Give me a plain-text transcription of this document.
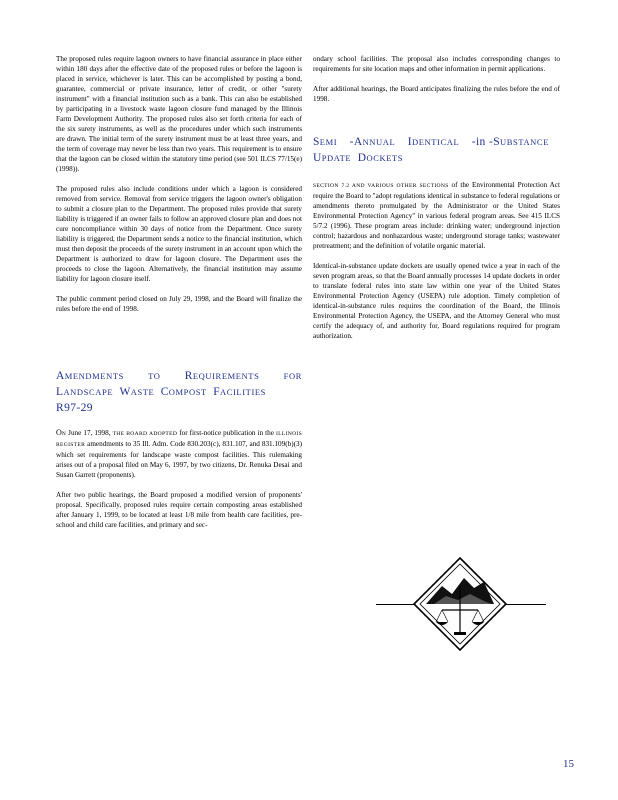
The proposed rules require lagoon owners to have financial assurance in place either within 180 days after the effective date of the proposed rules or before the lagoon is placed in service, whichever is later. This can be accomplished by posting a bond, guarantee, commercial or private insurance, letter of credit, or other "surety instrument" with a financial institution such as a bank. This can also be established by participating in a livestock waste lagoon closure fund managed by the Illinois Farm Development Authority. The proposed rules also set forth criteria for each of the six surety instruments, as well as the procedures under which such instruments are drawn. The initial term of the surety instrument must be at least three years, and the term of coverage may never be less than two years. This requirement is to ensure that the lagoon can be closed within the statutory time period (see 501 ILCS 77/15(e) (1998)).

The proposed rules also include conditions under which a lagoon is considered removed from service. Removal from service triggers the lagoon owner's obligation to submit a closure plan to the Department. The proposed rules provide that surety liability is triggered if an owner fails to follow an approved closure plan and does not cure noncompliance within 30 days of notice from the Department. Once surety liability is triggered, the Department sends a notice to the financial institution, which must then deposit the proceeds of the surety instrument in an account upon which the Department is authorized to draw for lagoon closure. The Department uses the proceeds to close the lagoon. Alternatively, the financial institution may assume liability for lagoon closure itself.

The public comment period closed on July 29, 1998, and the Board will finalize the rules before the end of 1998.

AMENDMENTS	TO REQUIREMENTS	FOR

LANDSCAPE WASTE COMPOST FACILITIES

R97-29

ON June 17, 1998, THE BOARD ADOPTED for first-notice publication in the ILLINOIS REGISTER amendments to 35 Ill. Adm. Code 830.203(c), 831.107, and 831.109(b)(3) which set requirements for landscape waste compost facilities. This rulemaking arises out of a proposal filed on May 6, 1997, by two citizens, Dr. Renuka Desai and Susan Garrett (proponents).

After two public hearings, the Board proposed a modified version of proponents' proposal. Specifically, proposed rules require certain composting areas established after January 1, 1999, to be located at least 1/8 mile from health care facilities, pre-school and child care facilities, and primary and sec-

ondary school facilities. The proposal also includes corresponding changes to requirements for site location maps and other information in permit applications.

After additional hearings, the Board anticipates finalizing the rules before the end of 1998.

SEMI -ANNUAL IDENTICAL -in -SUBSTANCE

UPDATE DOCKETS

SECTION 7.2 AND VARIOUS OTHER SECTIONS of the Environmental Protection Act require the Board to "adopt regulations identical in substance to federal regulations or amendments thereto promulgated by the Administrator or the United States Environmental Protection Agency" in various federal program areas. See 415 ILCS 5/7.2 (1996). These program areas include: drinking water; underground injection control; hazardous and nonhazardous waste; underground storage tanks; wastewater pretreatment; and the definition of volatile organic material.

Identical-in-substance update dockets are usually opened twice a year in each of the seven program areas, so that the Board annually processes 14 update dockets in order to translate federal rules into state law within one year of the United States Environmental Protection Agency (USEPA) rule adoption. Timely completion of identical-in-substance rules requires the coordination of the Board, the Illinois Environmental Protection Agency, the USEPA, and the Attorney General who must certify the adequacy of, and authority for, Board regulations required for program authorization.

15
